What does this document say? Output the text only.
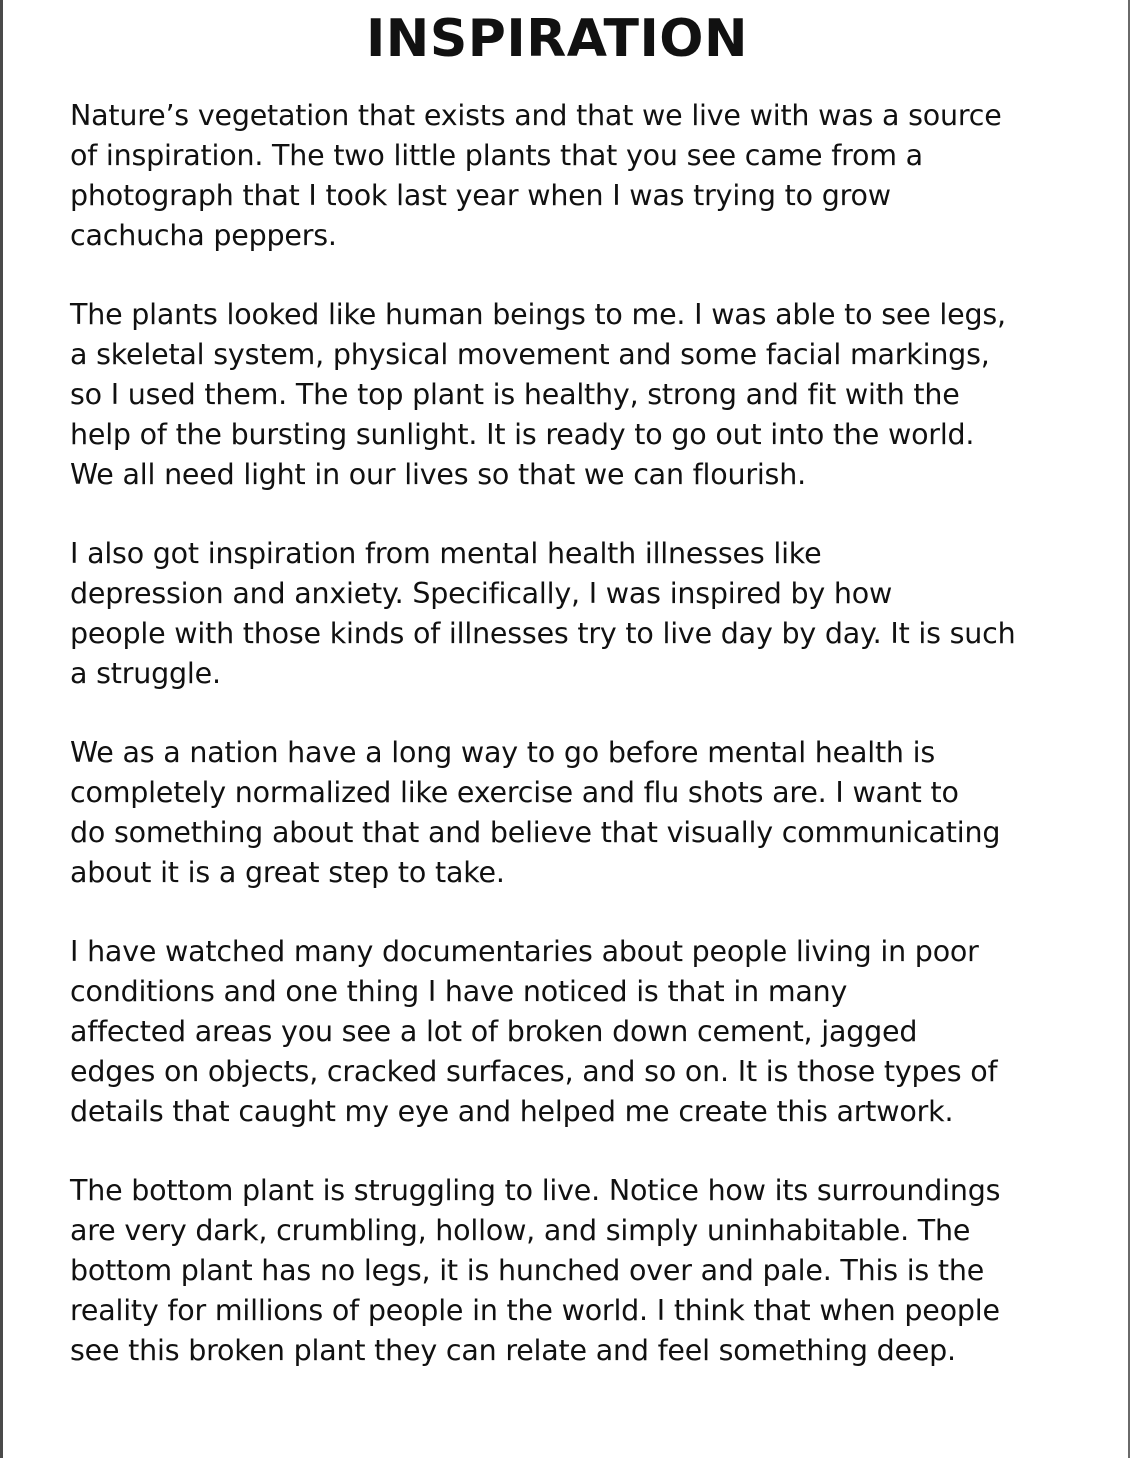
INSPIRATION

Nature’s vegetation that exists and that we live with was a source
of inspiration. The two little plants that you see came from a
photograph that I took last year when I was trying to grow
cachucha peppers.

The plants looked like human beings to me. I was able to see legs,
a skeletal system, physical movement and some facial markings,
so I used them. The top plant is healthy, strong and fit with the
help of the bursting sunlight. It is ready to go out into the world.
We all need light in our lives so that we can flourish.

I also got inspiration from mental health illnesses like
depression and anxiety. Specifically, I was inspired by how
people with those kinds of illnesses try to live day by day. It is such
a struggle.

We as a nation have a long way to go before mental health is
completely normalized like exercise and flu shots are. I want to
do something about that and believe that visually communicating
about it is a great step to take.

I have watched many documentaries about people living in poor
conditions and one thing I have noticed is that in many
affected areas you see a lot of broken down cement, jagged
edges on objects, cracked surfaces, and so on. It is those types of
details that caught my eye and helped me create this artwork.

The bottom plant is struggling to live. Notice how its surroundings
are very dark, crumbling, hollow, and simply uninhabitable. The
bottom plant has no legs, it is hunched over and pale. This is the
reality for millions of people in the world. I think that when people
see this broken plant they can relate and feel something deep.
